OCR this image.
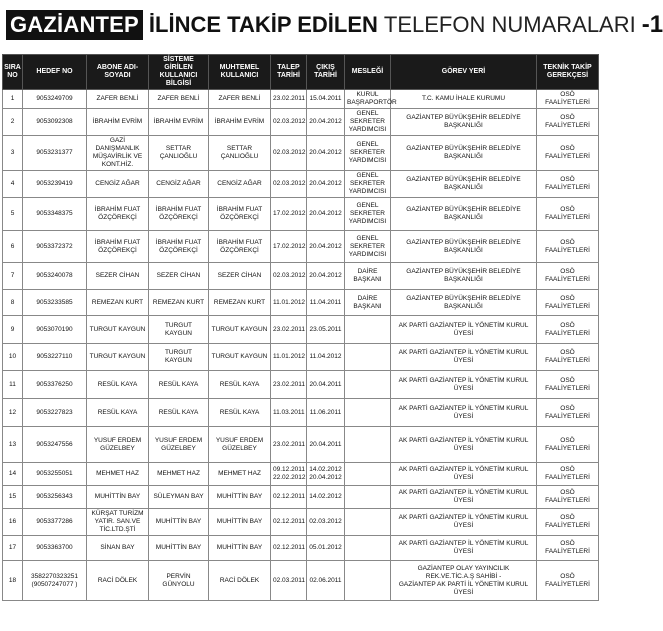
GAZİANTEP İLİNCE TAKİP EDİLEN TELEFON NUMARALARI -1
SIRA NO	HEDEF NO	ABONE ADI-SOYADI	SİSTEME GİRİLEN KULLANICI BİLGİSİ	MUHTEMEL KULLANICI	TALEP TARİHİ	ÇIKIŞ TARİHİ	MESLEĞİ	GÖREV YERİ	TEKNİK TAKİP GEREKÇESİ
1	9053249709	ZAFER BENLİ	ZAFER BENLİ	ZAFER BENLİ	23.02.2011	15.04.2011	KURUL
BAŞRAPORTÖR	T.C. KAMU İHALE KURUMU	OSÖ
FAALİYETLERİ
2	9053092308	İBRAHİM EVRİM	İBRAHİM EVRİM	İBRAHİM EVRİM	02.03.2012	20.04.2012	GENEL SEKRETER
YARDIMCISI	GAZİANTEP BÜYÜKŞEHİR BELEDİYE
BAŞKANLIĞI	OSÖ
FAALİYETLERİ
3	9053231377	GAZİ DANIŞMANLIK
MÜŞAVİRLİK VE
KONT.HİZ.	SETTAR ÇANLIOĞLU	SETTAR ÇANLIOĞLU	02.03.2012	20.04.2012	GENEL SEKRETER
YARDIMCISI	GAZİANTEP BÜYÜKŞEHİR BELEDİYE
BAŞKANLIĞI	OSÖ
FAALİYETLERİ
4	9053239419	CENGİZ AĞAR	CENGİZ AĞAR	CENGİZ AĞAR	02.03.2012	20.04.2012	GENEL SEKRETER
YARDIMCISI	GAZİANTEP BÜYÜKŞEHİR BELEDİYE
BAŞKANLIĞI	OSÖ
FAALİYETLERİ
5	9053348375	İBRAHİM FUAT
ÖZÇÖREKÇİ	İBRAHİM FUAT
ÖZÇÖREKÇİ	İBRAHİM FUAT
ÖZÇÖREKÇİ	17.02.2012	20.04.2012	GENEL SEKRETER
YARDIMCISI	GAZİANTEP BÜYÜKŞEHİR BELEDİYE
BAŞKANLIĞI	OSÖ
FAALİYETLERİ
6	9053372372	İBRAHİM FUAT
ÖZÇÖREKÇİ	İBRAHİM FUAT
ÖZÇÖREKÇİ	İBRAHİM FUAT
ÖZÇÖREKÇİ	17.02.2012	20.04.2012	GENEL SEKRETER
YARDIMCISI	GAZİANTEP BÜYÜKŞEHİR BELEDİYE
BAŞKANLIĞI	OSÖ
FAALİYETLERİ
7	9053240078	SEZER CİHAN	SEZER CİHAN	SEZER CİHAN	02.03.2012	20.04.2012	DAİRE BAŞKANI	GAZİANTEP BÜYÜKŞEHİR BELEDİYE
BAŞKANLIĞI	OSÖ
FAALİYETLERİ
8	9053233585	REMEZAN KURT	REMEZAN KURT	REMEZAN KURT	11.01.2012	11.04.2011	DAİRE BAŞKANI	GAZİANTEP BÜYÜKŞEHİR BELEDİYE
BAŞKANLIĞI	OSÖ
FAALİYETLERİ
9	9053070190	TURGUT KAYGUN	TURGUT KAYGUN	TURGUT KAYGUN	23.02.2011	23.05.2011		AK PARTİ GAZİANTEP İL YÖNETİM KURUL
ÜYESİ	OSÖ
FAALİYETLERİ
10	9053227110	TURGUT KAYGUN	TURGUT KAYGUN	TURGUT KAYGUN	11.01.2012	11.04.2012		AK PARTİ GAZİANTEP İL YÖNETİM KURUL
ÜYESİ	OSÖ
FAALİYETLERİ
11	9053376250	RESÜL KAYA	RESÜL KAYA	RESÜL KAYA	23.02.2011	20.04.2011		AK PARTİ GAZİANTEP İL YÖNETİM KURUL
ÜYESİ	OSÖ
FAALİYETLERİ
12	9053227823	RESÜL KAYA	RESÜL KAYA	RESÜL KAYA	11.03.2011	11.06.2011		AK PARTİ GAZİANTEP İL YÖNETİM KURUL
ÜYESİ	OSÖ
FAALİYETLERİ
13	9053247556	YUSUF ERDEM
GÜZELBEY	YUSUF ERDEM
GÜZELBEY	YUSUF ERDEM
GÜZELBEY	23.02.2011	20.04.2011		AK PARTİ GAZİANTEP İL YÖNETİM KURUL
ÜYESİ	OSÖ
FAALİYETLERİ
14	9053255051	MEHMET HAZ	MEHMET HAZ	MEHMET HAZ	09.12.2011
22.02.2012	14.02.2012
20.04.2012		AK PARTİ GAZİANTEP İL YÖNETİM KURUL
ÜYESİ	OSÖ
FAALİYETLERİ
15	9053256343	MUHİTTİN BAY	SÜLEYMAN BAY	MUHİTTİN BAY	02.12.2011	14.02.2012		AK PARTİ GAZİANTEP İL YÖNETİM KURUL
ÜYESİ	OSÖ
FAALİYETLERİ
16	9053377286	KÜRŞAT TURİZM
YATIR. SAN.VE
TİC.LTD.ŞTİ	MUHİTTİN BAY	MUHİTTİN BAY	02.12.2011	02.03.2012		AK PARTİ GAZİANTEP İL YÖNETİM KURUL
ÜYESİ	OSÖ
FAALİYETLERİ
17	9053363700	SİNAN BAY	MUHİTTİN BAY	MUHİTTİN BAY	02.12.2011	05.01.2012		AK PARTİ GAZİANTEP İL YÖNETİM KURUL
ÜYESİ	OSÖ
FAALİYETLERİ
18	3582270323251
(90507247077 )	RACİ DÖLEK	PERVİN GÜNYOLU	RACİ DÖLEK	02.03.2011	02.06.2011		GAZİANTEP OLAY YAYINCILIK
REK.VE.TİC.A.Ş SAHİBİ -
GAZİANTEP AK PARTİ İL YÖNETİM KURUL
ÜYESİ	OSÖ
FAALİYETLERİ
